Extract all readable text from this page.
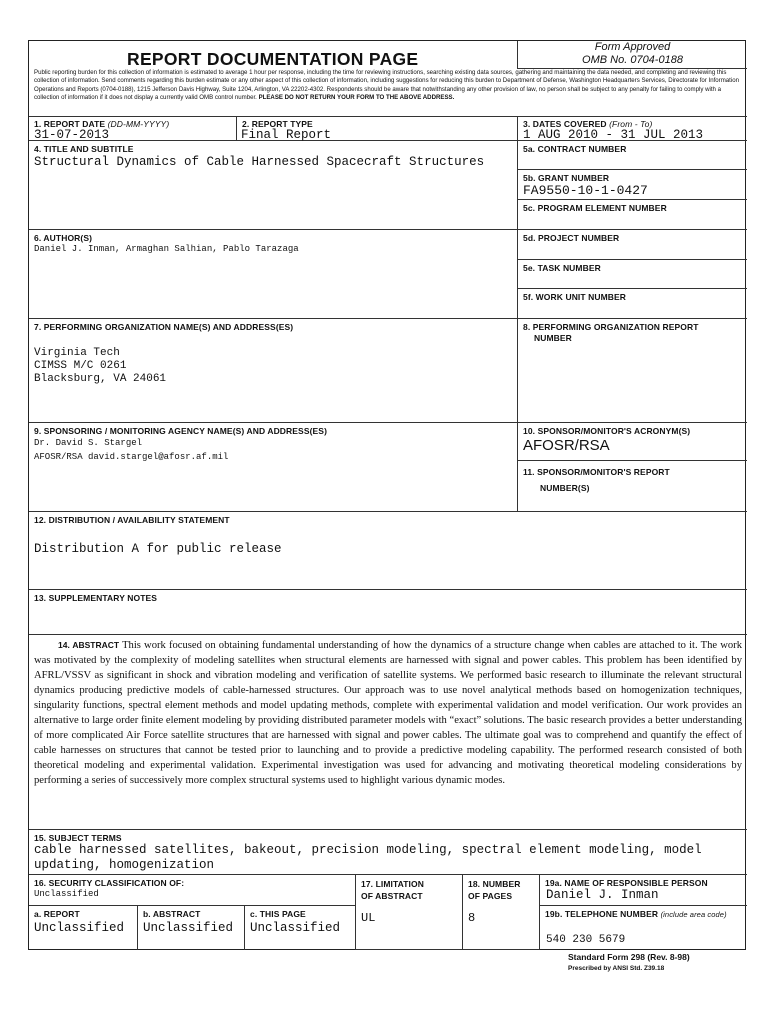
REPORT DOCUMENTATION PAGE
Form Approved
OMB No. 0704-0188
Public reporting burden for this collection of information is estimated to average 1 hour per response, including the time for reviewing instructions, searching existing data sources, gathering and maintaining the data needed, and completing and reviewing this collection of information. Send comments regarding this burden estimate or any other aspect of this collection of information, including suggestions for reducing this burden to Department of Defense, Washington Headquarters Services, Directorate for Information Operations and Reports (0704-0188), 1215 Jefferson Davis Highway, Suite 1204, Arlington, VA 22202-4302. Respondents should be aware that notwithstanding any other provision of law, no person shall be subject to any penalty for failing to comply with a collection of information if it does not display a currently valid OMB control number. PLEASE DO NOT RETURN YOUR FORM TO THE ABOVE ADDRESS.
1. REPORT DATE (DD-MM-YYYY)
31-07-2013
2. REPORT TYPE
Final Report
3. DATES COVERED (From - To)
1 AUG 2010 - 31 JUL 2013
4. TITLE AND SUBTITLE
Structural Dynamics of Cable Harnessed Spacecraft Structures
5a. CONTRACT NUMBER
5b. GRANT NUMBER
FA9550-10-1-0427
5c. PROGRAM ELEMENT NUMBER
6. AUTHOR(S)
Daniel J. Inman, Armaghan Salhian, Pablo Tarazaga
5d. PROJECT NUMBER
5e. TASK NUMBER
5f. WORK UNIT NUMBER
7. PERFORMING ORGANIZATION NAME(S) AND ADDRESS(ES)
Virginia Tech
CIMSS M/C 0261
Blacksburg, VA 24061
8. PERFORMING ORGANIZATION REPORT
NUMBER
9. SPONSORING / MONITORING AGENCY NAME(S) AND ADDRESS(ES)
Dr. David S. Stargel
AFOSR/RSA david.stargel@afosr.af.mil
10. SPONSOR/MONITOR'S ACRONYM(S)
AFOSR/RSA
11. SPONSOR/MONITOR'S REPORT
NUMBER(S)
12. DISTRIBUTION / AVAILABILITY STATEMENT
Distribution A for public release
13. SUPPLEMENTARY NOTES
14. ABSTRACT This work focused on obtaining fundamental understanding of how the dynamics of a structure change when cables are attached to it. The work was motivated by the complexity of modeling satellites when structural elements are harnessed with signal and power cables. This problem has been identified by AFRL/VSSV as significant in shock and vibration modeling and verification of satellite systems. We performed basic research to illuminate the relevant structural dynamics producing predictive models of cable-harnessed structures. Our approach was to use novel analytical methods based on homogenization techniques, singularity functions, spectral element methods and model updating methods, complete with experimental validation and model verification. Our work provides an alternative to large order finite element modeling by providing distributed parameter models with “exact” solutions. The basic research provides a better understanding of more complicated Air Force satellite structures that are harnessed with signal and power cables. The ultimate goal was to comprehend and quantify the effect of cable harnesses on structures that cannot be tested prior to launching and to provide a predictive modeling capability. The performed research consisted of both theoretical modeling and experimental validation. Experimental investigation was used for advancing and motivating theoretical modeling considerations by performing a series of successively more complex structural systems used to highlight various dynamic modes.
15. SUBJECT TERMS
cable harnessed satellites, bakeout, precision modeling, spectral element modeling, model
updating, homogenization
16. SECURITY CLASSIFICATION OF:
Unclassified
17. LIMITATION
OF ABSTRACT
UL
18. NUMBER
OF PAGES
8
19a. NAME OF RESPONSIBLE PERSON
Daniel J. Inman
a. REPORT
Unclassified
b. ABSTRACT
Unclassified
c. THIS PAGE
Unclassified
19b. TELEPHONE NUMBER (include area code)
540 230 5679
Standard Form 298 (Rev. 8-98)
Prescribed by ANSI Std. Z39.18
